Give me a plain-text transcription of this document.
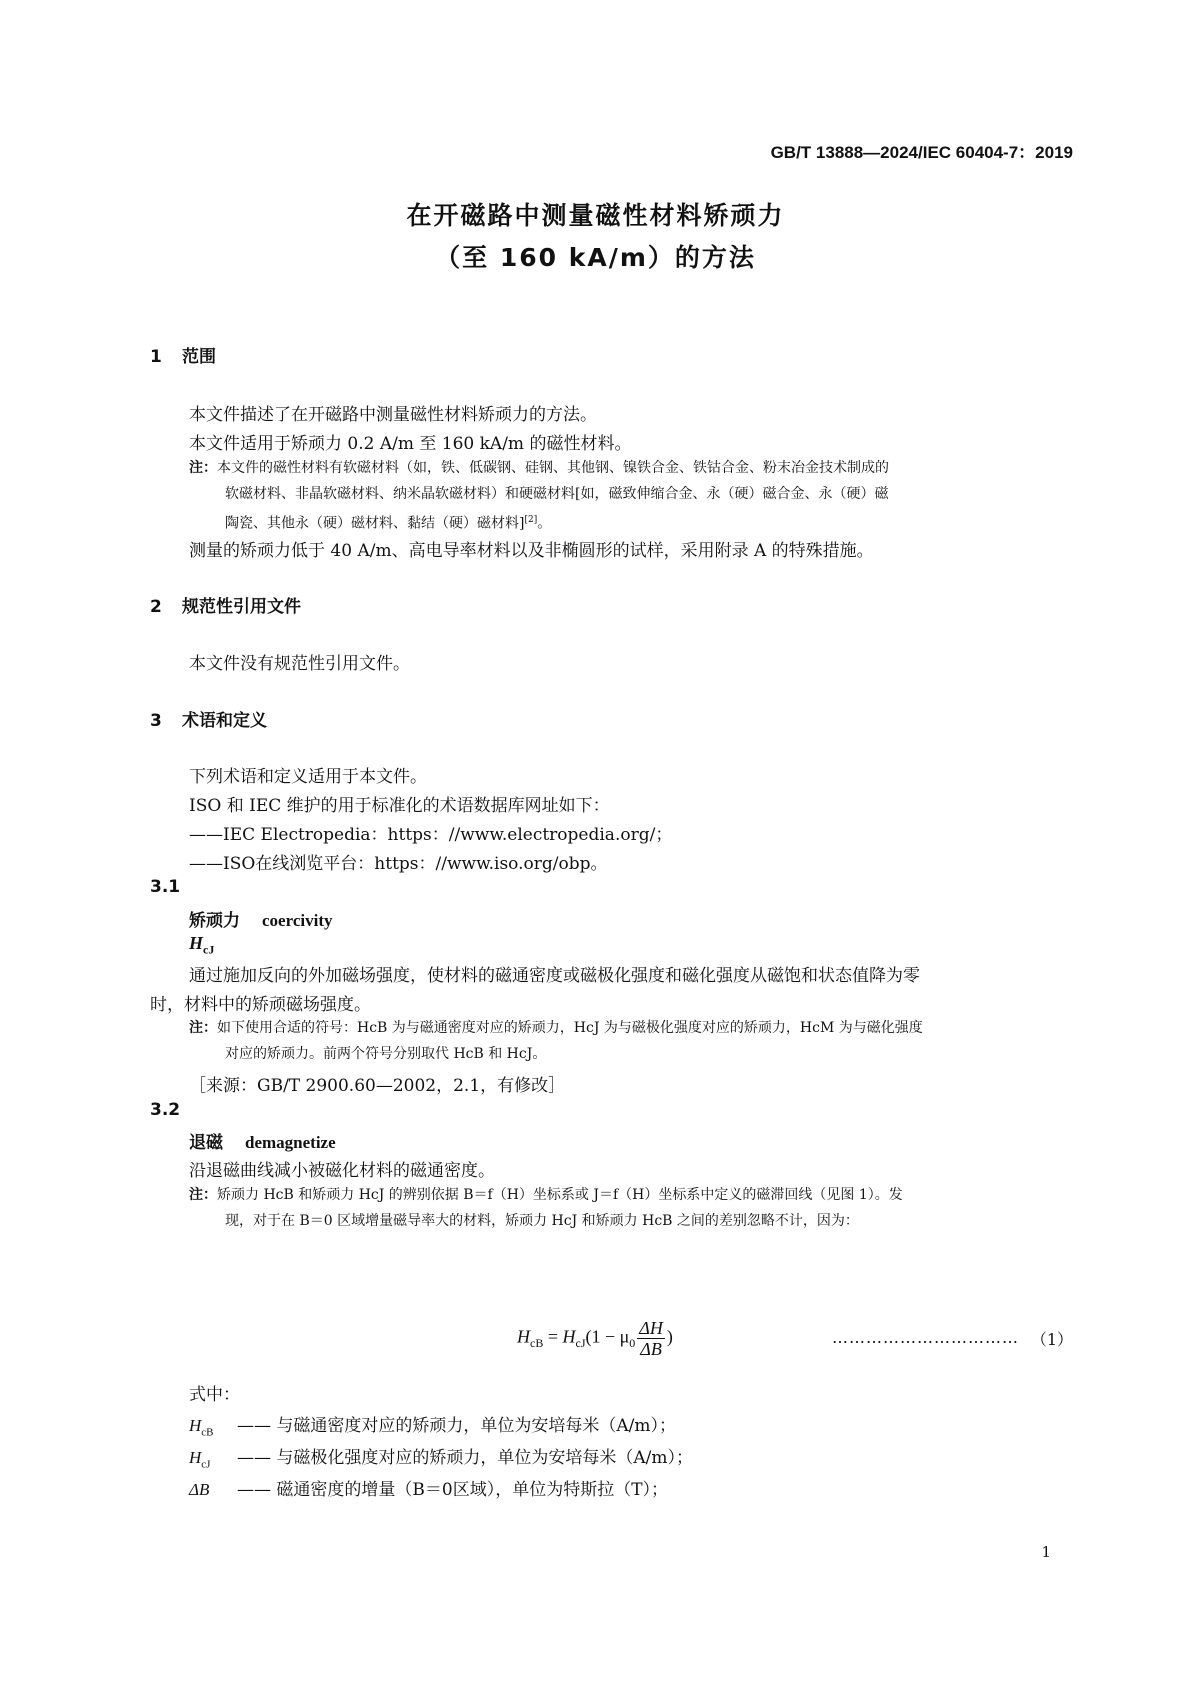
GB/T 13888—2024/IEC 60404-7：2019
在开磁路中测量磁性材料矫顽力
（至 160 kA/m）的方法
1 范围
本文件描述了在开磁路中测量磁性材料矫顽力的方法。
本文件适用于矫顽力 0.2 A/m 至 160 kA/m 的磁性材料。
注：本文件的磁性材料有软磁材料（如，铁、低碳钢、硅钢、其他钢、镍铁合金、铁钴合金、粉末冶金技术制成的
软磁材料、非晶软磁材料、纳米晶软磁材料）和硬磁材料[如，磁致伸缩合金、永（硬）磁合金、永（硬）磁
陶瓷、其他永（硬）磁材料、黏结（硬）磁材料][2]。
测量的矫顽力低于 40 A/m、高电导率材料以及非椭圆形的试样，采用附录 A 的特殊措施。
2 规范性引用文件
本文件没有规范性引用文件。
3 术语和定义
下列术语和定义适用于本文件。
ISO 和 IEC 维护的用于标准化的术语数据库网址如下：
——IEC Electropedia：https：//www.electropedia.org/；
——ISO在线浏览平台：https：//www.iso.org/obp。
3.1
矫顽力 coercivity
$H_{cJ}$
通过施加反向的外加磁场强度，使材料的磁通密度或磁极化强度和磁化强度从磁饱和状态值降为零
时，材料中的矫顽磁场强度。
注：如下使用合适的符号：HcB 为与磁通密度对应的矫顽力，HcJ 为与磁极化强度对应的矫顽力，HcM 为与磁化强度
对应的矫顽力。前两个符号分别取代 HcB 和 HcJ。
［来源：GB/T 2900.60—2002，2.1，有修改］
3.2
退磁 demagnetize
沿退磁曲线减小被磁化材料的磁通密度。
注：矫顽力 HcB 和矫顽力 HcJ 的辨别依据 B＝f（H）坐标系或 J＝f（H）坐标系中定义的磁滞回线（见图 1）。发
现，对于在 B＝0 区域增量磁导率大的材料，矫顽力 HcJ 和矫顽力 HcB 之间的差别忽略不计，因为：
$H_{cB} = H_{cJ}(1 - \mu_0 \frac{\Delta H}{\Delta B}$ )	…………………………… （1）
式中：
$H_{cB}$ —— 与磁通密度对应的矫顽力，单位为安培每米（A/m）；
$H_{cJ}$ —— 与磁极化强度对应的矫顽力，单位为安培每米（A/m）；
ΔB —— 磁通密度的增量（B＝0区域），单位为特斯拉（T）；
1
